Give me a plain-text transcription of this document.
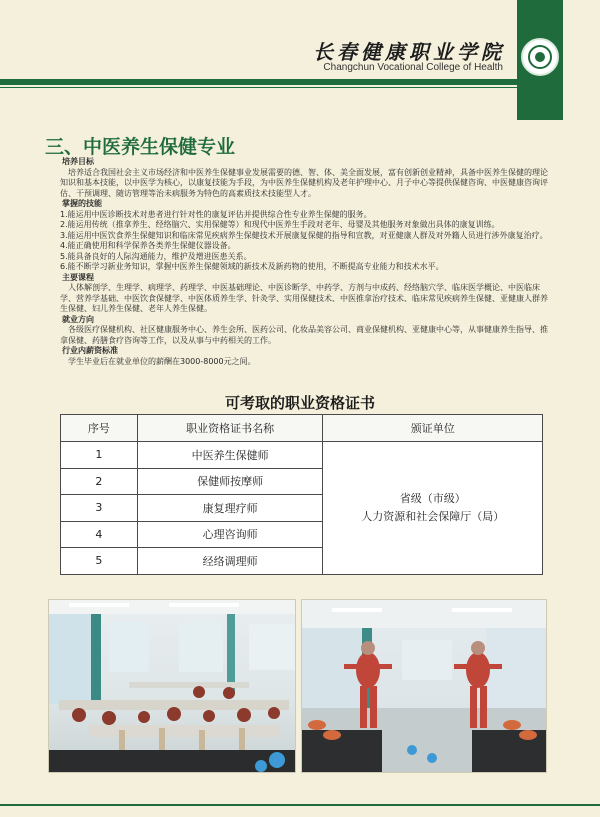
长春健康职业学院
Changchun Vocational College of Health
三、中医养生保健专业
培养目标
培养适合我国社会主义市场经济和中医养生保健事业发展需要的德、智、体、美全面发展，富有创新创业精神，具备中医养生保健的理论知识和基本技能，以中医学为核心，以康复技能为手段，为中医养生保健机构及老年护理中心、月子中心等提供保健咨询、中医健康咨询评估、干预调理、随访管理等治未病服务为特色的高素质技术技能型人才。
掌握的技能
1.能运用中医诊断技术对患者进行针对性的康复评估并提供综合性专业养生保健的服务。
2.能运用传统（推拿养生、经络脑穴、实用保健等）和现代中医养生手段对老年、母婴及其他服务对象做出具体的康复训练。
3.能运用中医饮食养生保健知识和临床常见疾病养生保健技术开展康复保健的指导和宣教，对亚健康人群及对外籍人员进行涉外康复治疗。
4.能正确使用和科学保养各类养生保健仪器设备。
5.能具备良好的人际沟通能力，维护及增进医患关系。
6.能不断学习新业务知识，掌握中医养生保健领域的新技术及新药物的使用，不断提高专业能力和技术水平。
主要课程
人体解剖学、生理学、病理学、药理学、中医基础理论、中医诊断学、中药学、方剂与中成药、经络脑穴学、临床医学概论、中医临床学、营养学基础、中医饮食保健学、中医体质养生学、针灸学、实用保健技术、中医推拿治疗技术、临床常见疾病养生保健、亚健康人群养生保健、妇儿养生保健、老年人养生保健。
就业方向
各级医疗保健机构、社区健康服务中心、养生会所、医药公司、化妆品美容公司、商业保健机构、亚健康中心等，从事健康养生指导、推拿保健、药膳食疗咨询等工作，以及从事与中药相关的工作。
行业内薪资标准
学生毕业后在就业单位的薪酬在3000-8000元之间。
可考取的职业资格证书
序号	职业资格证书名称	颁证单位
1	中医养生保健师	省级（市级）
人力资源和社会保障厅（局）

2	保健师按摩师	
3	康复理疗师	
4	心理咨询师	
5	经络调理师	
